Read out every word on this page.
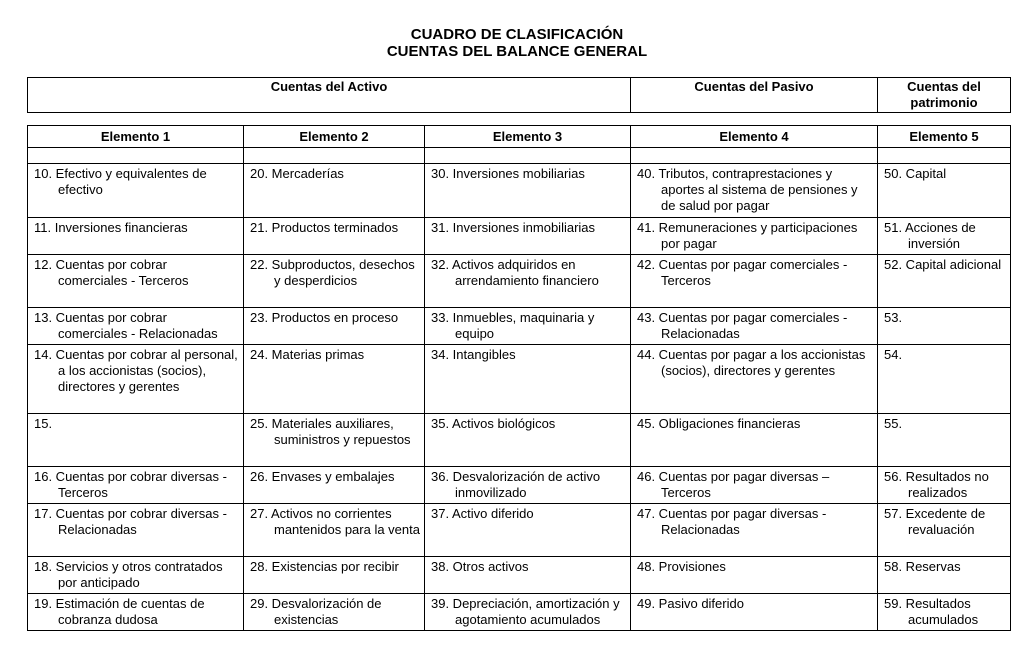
CUADRO DE CLASIFICACIÓN
CUENTAS DEL BALANCE GENERAL
Cuentas del Activo	Cuentas del Pasivo	Cuentas del patrimonio
Elemento 1	Elemento 2	Elemento 3	Elemento 4	Elemento 5

10. Efectivo y equivalentes de efectivo	20. Mercaderías	30. Inversiones mobiliarias	40. Tributos, contraprestaciones y aportes al sistema de pensiones y de salud por pagar	50. Capital

11. Inversiones financieras	21. Productos terminados	31. Inversiones inmobiliarias	41. Remuneraciones y participaciones por pagar	51. Acciones de inversión

12. Cuentas por cobrar comerciales - Terceros	22. Subproductos, desechos y desperdicios	32. Activos adquiridos en arrendamiento financiero	42. Cuentas por pagar comerciales - Terceros	52. Capital adicional

13. Cuentas por cobrar comerciales - Relacionadas	23. Productos en proceso	33. Inmuebles, maquinaria y equipo	43. Cuentas por pagar comerciales - Relacionadas	53.

14. Cuentas por cobrar al personal, a los accionistas (socios), directores y gerentes	24. Materias primas	34. Intangibles	44. Cuentas por pagar a los accionistas (socios), directores y gerentes	54.

15.	25. Materiales auxiliares, suministros y repuestos	35. Activos biológicos	45. Obligaciones financieras	55.

16. Cuentas por cobrar diversas - Terceros	26. Envases y embalajes	36. Desvalorización de activo inmovilizado	46. Cuentas por pagar diversas – Terceros	56. Resultados no realizados

17. Cuentas por cobrar diversas - Relacionadas	27. Activos no corrientes mantenidos para la venta	37. Activo diferido	47. Cuentas por pagar diversas - Relacionadas	57. Excedente de revaluación

18. Servicios y otros contratados por anticipado	28. Existencias por recibir	38. Otros activos	48. Provisiones	58. Reservas

19. Estimación de cuentas de cobranza dudosa	29. Desvalorización de existencias	39. Depreciación, amortización y agotamiento acumulados	49. Pasivo diferido	59. Resultados acumulados
